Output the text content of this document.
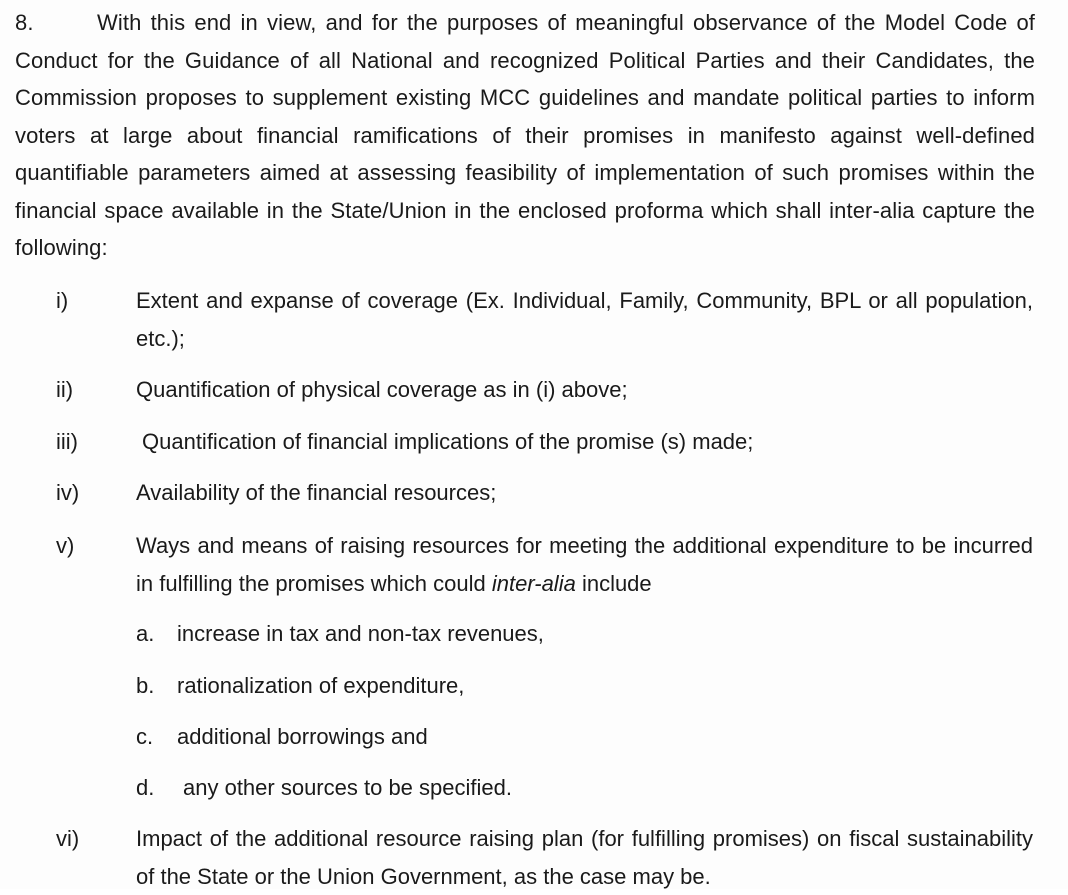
8.	With this end in view, and for the purposes of meaningful observance of the Model Code of Conduct for the Guidance of all National and recognized Political Parties and their Candidates, the Commission proposes to supplement existing MCC guidelines and mandate political parties to inform voters at large about financial ramifications of their promises in manifesto against well-defined quantifiable parameters aimed at assessing feasibility of implementation of such promises within the financial space available in the State/Union in the enclosed proforma which shall inter-alia capture the following:
i)	Extent and expanse of coverage (Ex. Individual, Family, Community, BPL or all population, etc.);
ii)	Quantification of physical coverage as in (i) above;
iii)	Quantification of financial implications of the promise (s) made;
iv)	Availability of the financial resources;
v)	Ways and means of raising resources for meeting the additional expenditure to be incurred in fulfilling the promises which could inter-alia include
a. increase in tax and non-tax revenues,
b. rationalization of expenditure,
c. additional borrowings and
d. any other sources to be specified.
vi)	Impact of the additional resource raising plan (for fulfilling promises) on fiscal sustainability of the State or the Union Government, as the case may be.
